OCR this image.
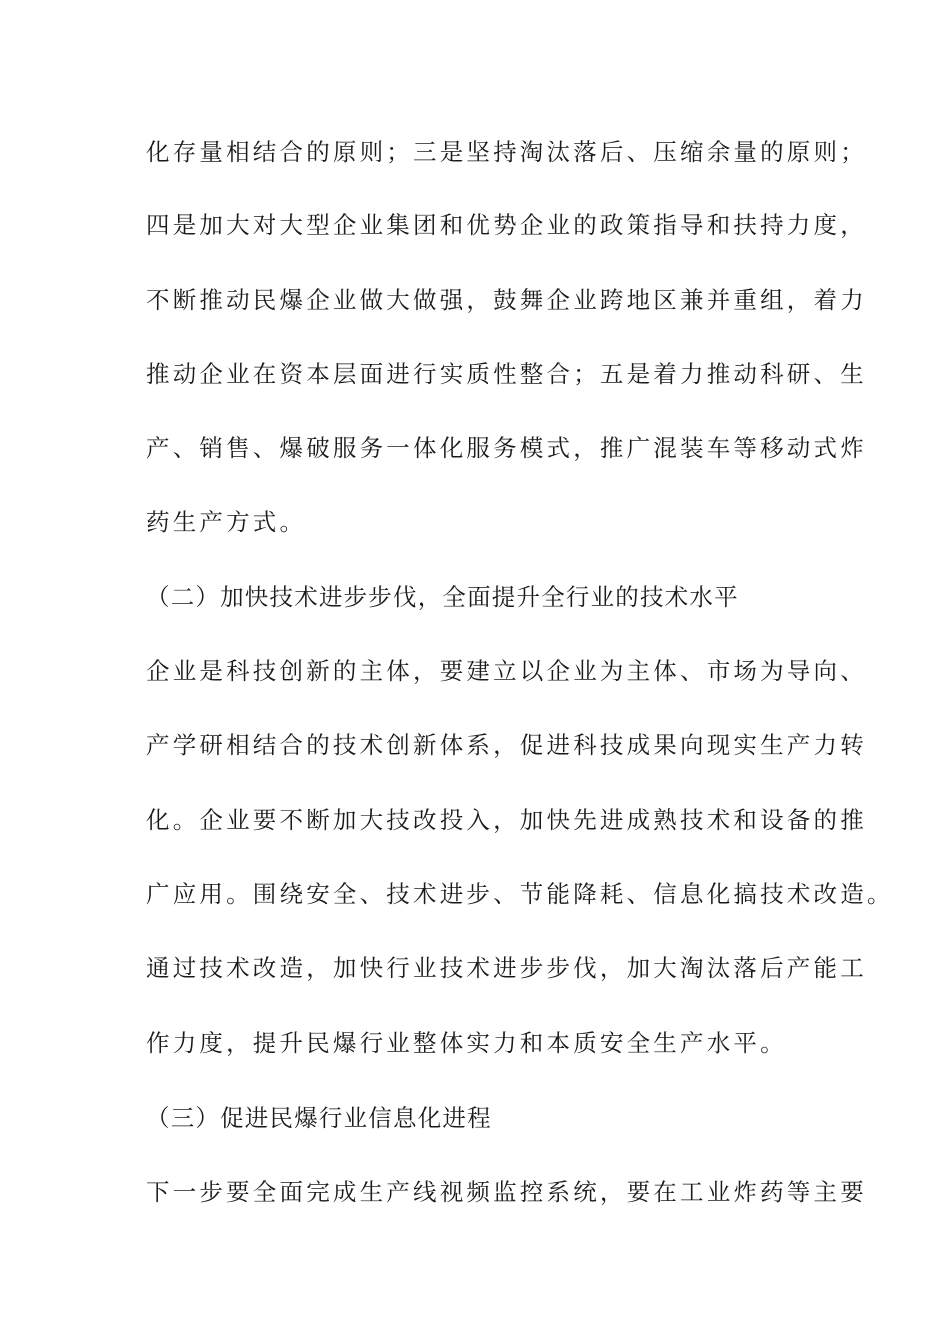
化存量相结合的原则；三是坚持淘汰落后、压缩余量的原则；
四是加大对大型企业集团和优势企业的政策指导和扶持力度，
不断推动民爆企业做大做强，鼓舞企业跨地区兼并重组，着力
推动企业在资本层面进行实质性整合；五是着力推动科研、生
产、销售、爆破服务一体化服务模式，推广混装车等移动式炸
药生产方式。
（二）加快技术进步步伐，全面提升全行业的技术水平
企业是科技创新的主体，要建立以企业为主体、市场为导向、
产学研相结合的技术创新体系，促进科技成果向现实生产力转
化。企业要不断加大技改投入，加快先进成熟技术和设备的推
广应用。围绕安全、技术进步、节能降耗、信息化搞技术改造。
通过技术改造，加快行业技术进步步伐，加大淘汰落后产能工
作力度，提升民爆行业整体实力和本质安全生产水平。
（三）促进民爆行业信息化进程
下一步要全面完成生产线视频监控系统，要在工业炸药等主要
